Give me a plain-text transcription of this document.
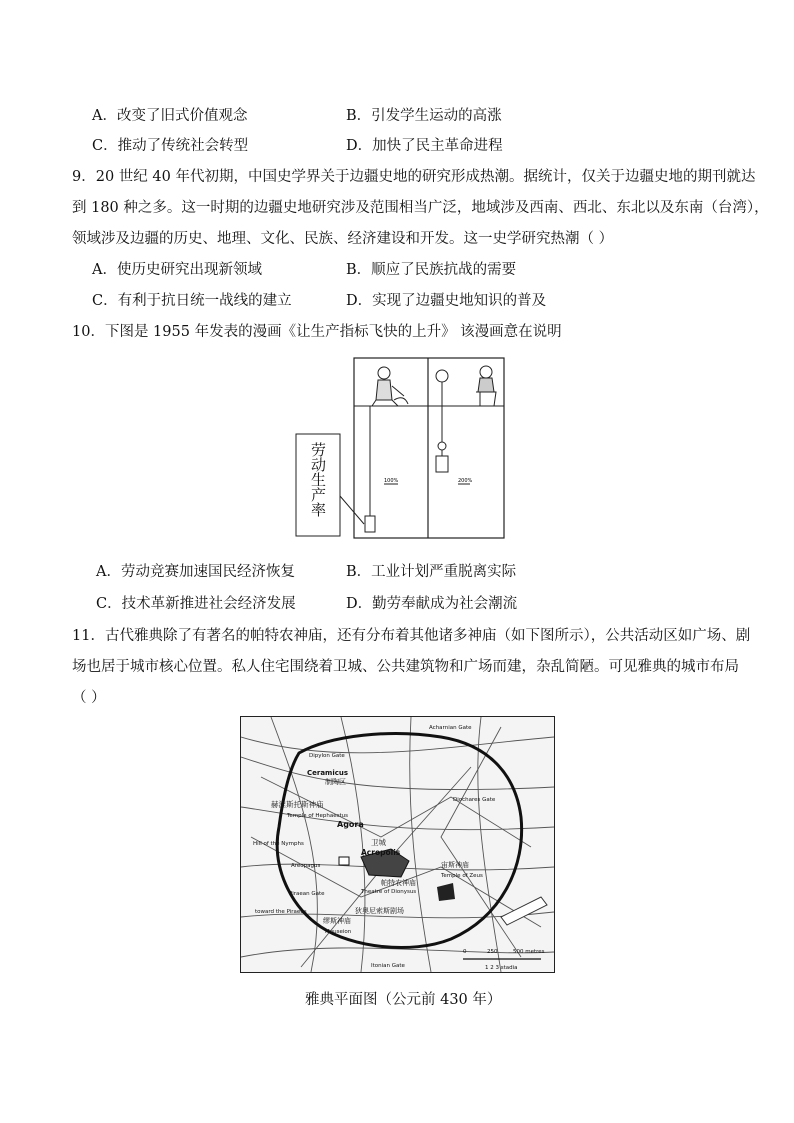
A．改变了旧式价值观念	B．引发学生运动的高涨
C．推动了传统社会转型	D．加快了民主革命进程
9．20 世纪 40 年代初期，中国史学界关于边疆史地的研究形成热潮。据统计，仅关于边疆史地的期刊就达
到 180 种之多。这一时期的边疆史地研究涉及范围相当广泛，地域涉及西南、西北、东北以及东南（台湾），
领域涉及边疆的历史、地理、文化、民族、经济建设和开发。这一史学研究热潮（ ）
A．使历史研究出现新领域	B．顺应了民族抗战的需要
C．有利于抗日统一战线的建立	D．实现了边疆史地知识的普及
10．下图是 1955 年发表的漫画《让生产指标飞快的上升》 该漫画意在说明
100%	200%
劳动生产率
A．劳动竞赛加速国民经济恢复	B．工业计划严重脱离实际
C．技术革新推进社会经济发展	D．勤劳奉献成为社会潮流
11．古代雅典除了有著名的帕特农神庙，还有分布着其他诸多神庙（如下图所示），公共活动区如广场、剧
场也居于城市核心位置。私人住宅围绕着卫城、公共建筑物和广场而建，杂乱简陋。可见雅典的城市布局
（ ）
Acharnian Gate
Dipylon Gate
Ceramicus
制陶区
赫淮斯托斯神庙
Temple of Hephaestus
Agora
Diochares Gate
Hill of the Nymphs
Areopagus
卫城
Acropolis
帕特农神庙
宙斯神庙
Temple of Zeus
Piraean Gate
toward the Piraeus
Theatre of Dionysus
狄奥尼索斯剧场
缪斯神庙
Mouseion
Itonian Gate
0	250	500 metres
1 2 3 stadia
雅典平面图（公元前 430 年）
